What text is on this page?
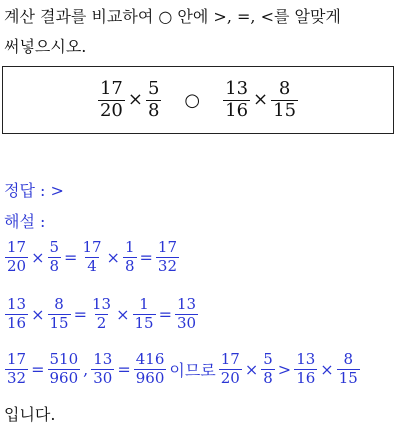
계산 결과를 비교하여 ○ 안에 >, =, <를 알맞게
써넣으시오.
$\frac{17}{20} \times \frac{5}{8}$ ○ $\frac{13}{16} \times \frac{8}{15}$
정답 : >
해설 :
$\frac{17}{20} \times \frac{5}{8} = \frac{17}{4} \times \frac{1}{8} = \frac{17}{32}$
$\frac{13}{16} \times \frac{8}{15} = \frac{13}{2} \times \frac{1}{15} = \frac{13}{30}$
$\frac{17}{32} = \frac{510}{960}$ , $\frac{13}{30} = \frac{416}{960}$ 이므로 $\frac{17}{20} \times \frac{5}{8} > \frac{13}{16} \times \frac{8}{15}$
입니다.
